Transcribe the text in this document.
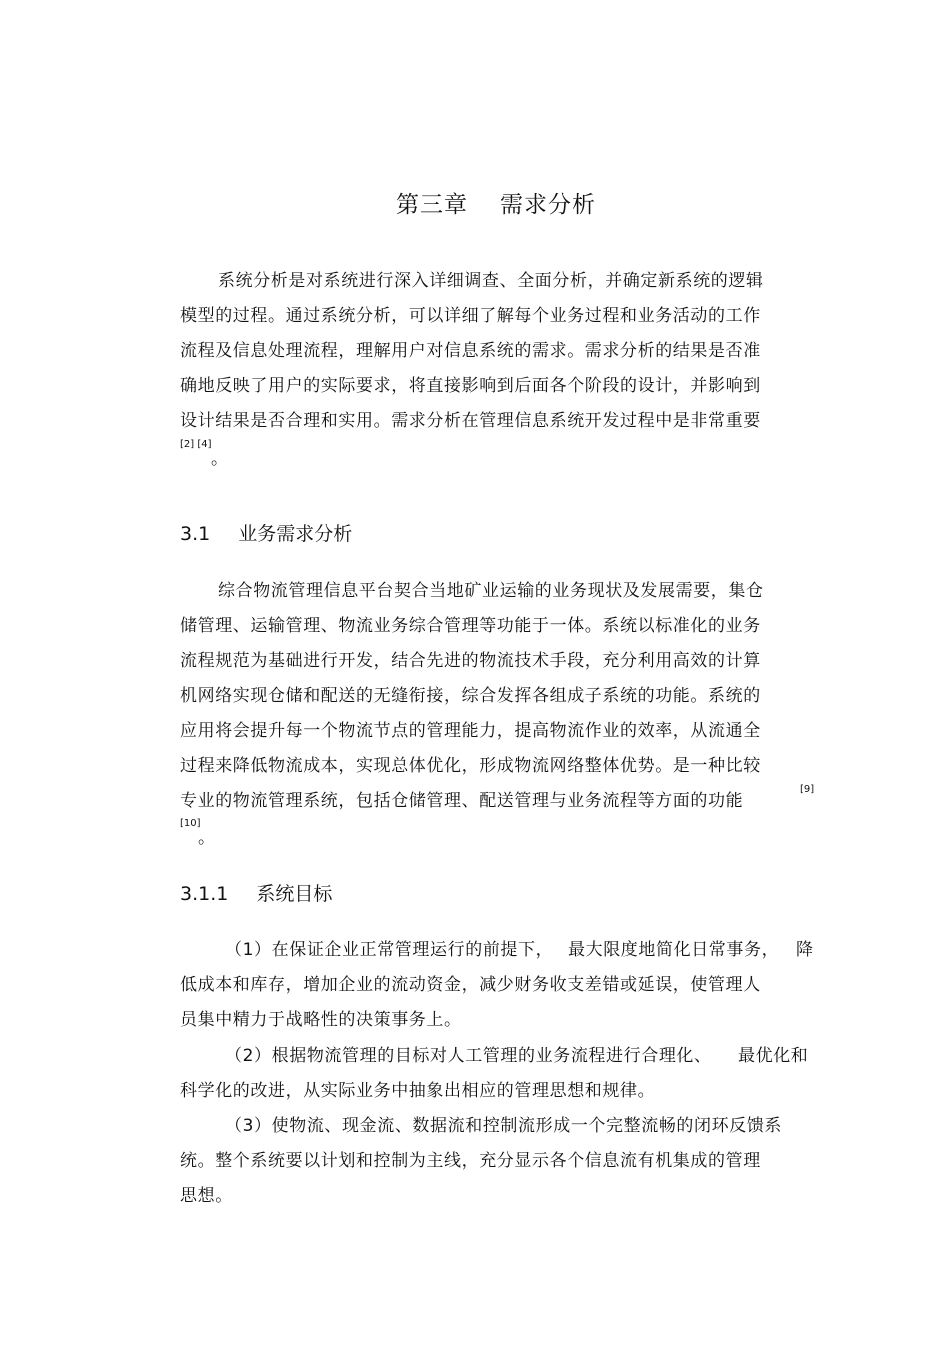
第三章 需求分析
系统分析是对系统进行深入详细调查、全面分析，并确定新系统的逻辑
模型的过程。通过系统分析，可以详细了解每个业务过程和业务活动的工作
流程及信息处理流程，理解用户对信息系统的需求。需求分析的结果是否准
确地反映了用户的实际要求，将直接影响到后面各个阶段的设计，并影响到
设计结果是否合理和实用。需求分析在管理信息系统开发过程中是非常重要
[2] [4]
。
3.1 业务需求分析
综合物流管理信息平台契合当地矿业运输的业务现状及发展需要，集仓
储管理、运输管理、物流业务综合管理等功能于一体。系统以标准化的业务
流程规范为基础进行开发，结合先进的物流技术手段，充分利用高效的计算
机网络实现仓储和配送的无缝衔接，综合发挥各组成子系统的功能。系统的
应用将会提升每一个物流节点的管理能力，提高物流作业的效率，从流通全
过程来降低物流成本，实现总体优化，形成物流网络整体优势。是一种比较
专业的物流管理系统，包括仓储管理、配送管理与业务流程等方面的功能
[9]
[10]
。
3.1.1 系统目标
（1）在保证企业正常管理运行的前提下， 最大限度地简化日常事务， 降
低成本和库存，增加企业的流动资金，减少财务收支差错或延误，使管理人
员集中精力于战略性的决策事务上。
（2）根据物流管理的目标对人工管理的业务流程进行合理化、 最优化和
科学化的改进，从实际业务中抽象出相应的管理思想和规律。
（3）使物流、现金流、数据流和控制流形成一个完整流畅的闭环反馈系
统。整个系统要以计划和控制为主线，充分显示各个信息流有机集成的管理
思想。
